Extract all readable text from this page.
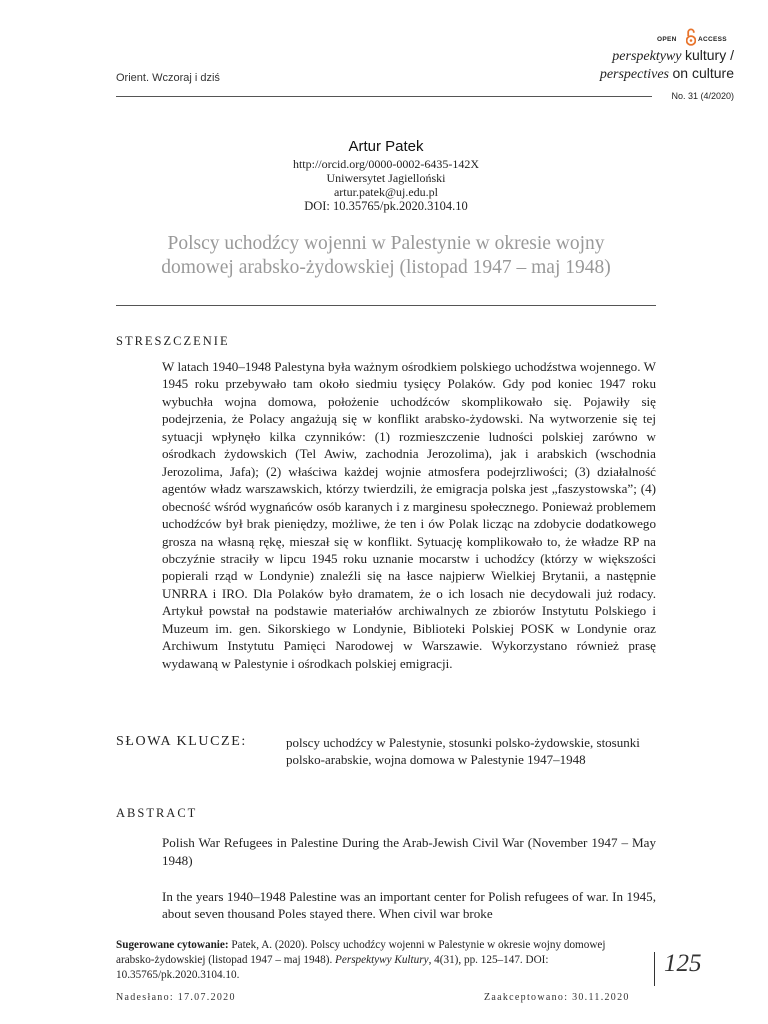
Orient. Wczoraj i dziś
OPEN	ACCESS
perspektywy kultury /
perspectives on culture
No. 31 (4/2020)
Artur Patek
http://orcid.org/0000-0002-6435-142X
Uniwersytet Jagielloński
artur.patek@uj.edu.pl
DOI: 10.35765/pk.2020.3104.10
Polscy uchodźcy wojenni w Palestynie w okresie wojny
domowej arabsko-żydowskiej (listopad 1947 – maj 1948)
STRESZCZENIE
W latach 1940–1948 Palestyna była ważnym ośrodkiem polskiego uchodźstwa wojennego. W 1945 roku przebywało tam około siedmiu tysięcy Polaków. Gdy pod koniec 1947 roku wybuchła wojna domowa, położenie uchodźców skomplikowało się. Pojawiły się podejrzenia, że Polacy angażują się w konflikt arabsko-żydowski. Na wytworzenie się tej sytuacji wpłynęło kilka czynników: (1) rozmieszczenie ludności polskiej zarówno w ośrodkach żydowskich (Tel Awiw, zachodnia Jerozolima), jak i arabskich (wschodnia Jerozolima, Jafa); (2) właściwa każdej wojnie atmosfera podejrzliwości; (3) działalność agentów władz warszawskich, którzy twierdzili, że emigracja polska jest „faszystowska”; (4) obecność wśród wygnańców osób karanych i z marginesu społecznego. Ponieważ problemem uchodźców był brak pieniędzy, możliwe, że ten i ów Polak licząc na zdobycie dodatkowego grosza na własną rękę, mieszał się w konflikt. Sytuację komplikowało to, że władze RP na obczyźnie straciły w lipcu 1945 roku uznanie mocarstw i uchodźcy (którzy w większości popierali rząd w Londynie) znaleźli się na łasce najpierw Wielkiej Brytanii, a następnie UNRRA i IRO. Dla Polaków było dramatem, że o ich losach nie decydowali już rodacy. Artykuł powstał na podstawie materiałów archiwalnych ze zbiorów Instytutu Polskiego i Muzeum im. gen. Sikorskiego w Londynie, Biblioteki Polskiej POSK w Londynie oraz Archiwum Instytutu Pamięci Narodowej w Warszawie. Wykorzystano również prasę wydawaną w Palestynie i ośrodkach polskiej emigracji.
SŁOWA KLUCZE:	polscy uchodźcy w Palestynie, stosunki polsko-żydowskie, stosunki polsko-arabskie, wojna domowa w Palestynie 1947–1948
ABSTRACT
Polish War Refugees in Palestine During the Arab-Jewish Civil War (November 1947 – May 1948)
In the years 1940–1948 Palestine was an important center for Polish refugees of war. In 1945, about seven thousand Poles stayed there. When civil war broke
Sugerowane cytowanie: Patek, A. (2020). Polscy uchodźcy wojenni w Palestynie w okresie wojny domowej arabsko-żydowskiej (listopad 1947 – maj 1948). Perspektywy Kultury, 4(31), pp. 125–147. DOI: 10.35765/pk.2020.3104.10.	125
Nadesłano: 17.07.2020	Zaakceptowano: 30.11.2020
